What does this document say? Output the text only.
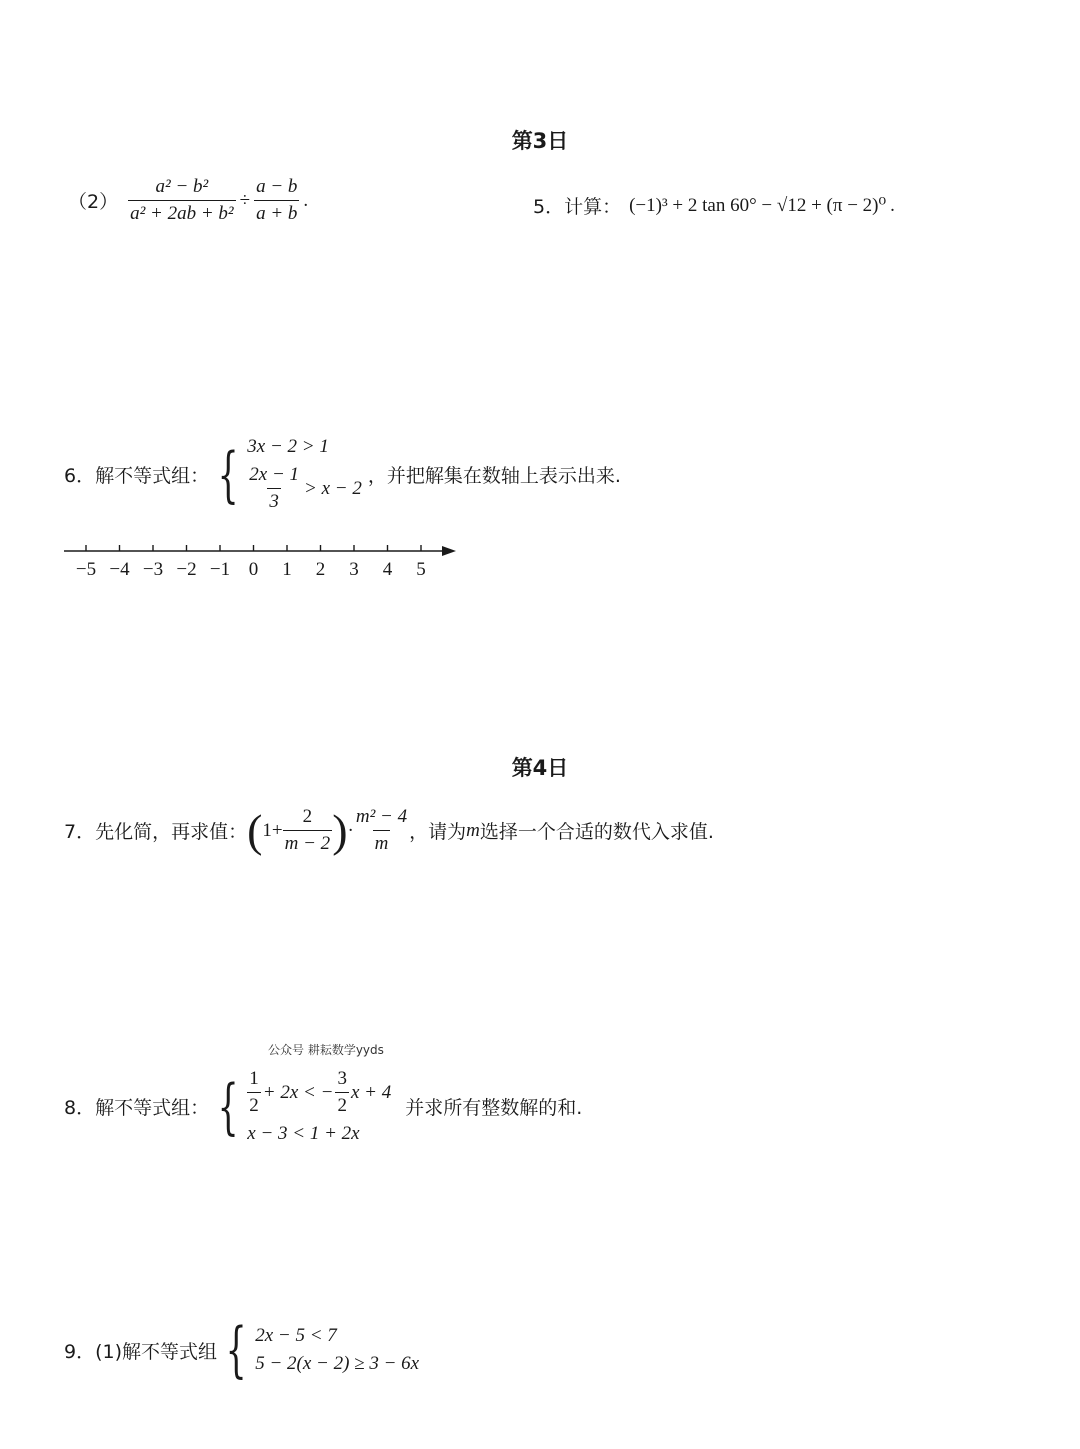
第3日
$(2) \frac{\text{a² − b²}}{\text{a² + 2ab + b²}} \div \frac{a - b}{a + b}$ .	5．计算： (−1)³ + 2 tan 60° − √12 + (π − 2)⁰ .
6．解不等式组： { 3x − 2 > 1
$\frac{2x - 1}{3} > x - 2$
，并把解集在数轴上表示出来.
−5 −4 −3 −2 −1 0 1 2 3 4 5
第4日
7．先化简，再求值： ( $1+ \frac{2}{m - 2}$ ) · $\frac{\text{m² − 4}}{m}$ ，请为 m 选择一个合适的数代入求值.
公众号 耕耘数学yyds
8．解不等式组： { $\frac{1}{2} + 2x$ < − $\frac{3}{2}$ x + 4
x − 3 < 1 + 2x
并求所有整数解的和.
9．(1)解不等式组 { 2x − 5 < 7
5 − 2(x − 2) ≥ 3 − 6x
